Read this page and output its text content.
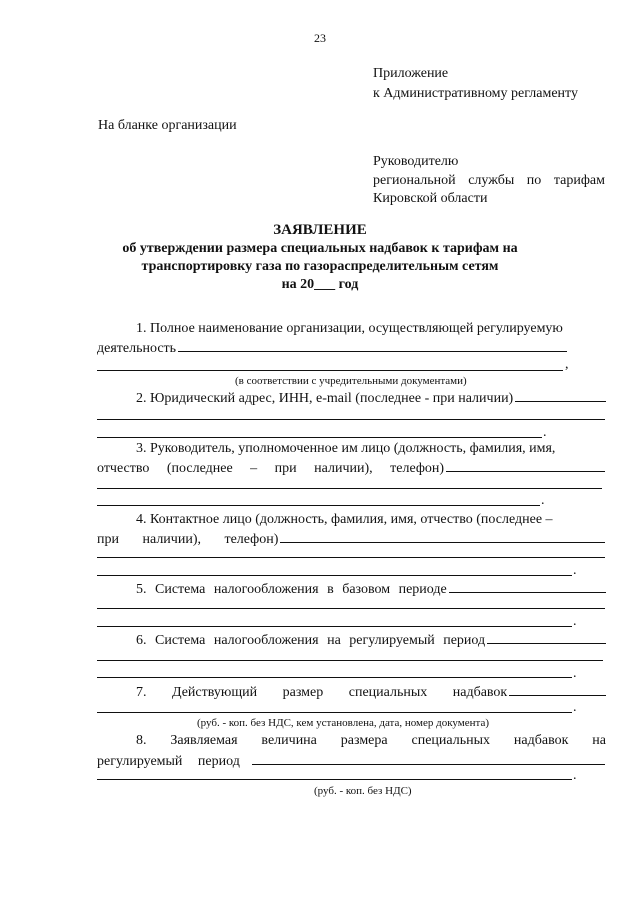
23
Приложение
к Административному регламенту
На бланке организации
Руководителю
региональной службы по тарифам
Кировской области
ЗАЯВЛЕНИЕ
об утверждении размера специальных надбавок к тарифам на
транспортировку газа по газораспределительным сетям
на 20___ год
1. Полное наименование организации, осуществляющей регулируемую
деятельность
,
(в соответствии с учредительными документами)
2. Юридический адрес, ИНН, e-mail (последнее - при наличии)
.
3. Руководитель, уполномоченное им лицо (должность, фамилия, имя,
отчество (последнее – при наличии), телефон)
.
4. Контактное лицо (должность, фамилия, имя, отчество (последнее –
при наличии), телефон)
.
5. Система налогообложения в базовом периоде
.
6. Система налогообложения на регулируемый период
.
7. Действующий размер специальных надбавок
.
(руб. - коп. без НДС, кем установлена, дата, номер документа)
8. Заявляемая величина размера специальных надбавок на
регулируемый период
.
(руб. - коп. без НДС)
